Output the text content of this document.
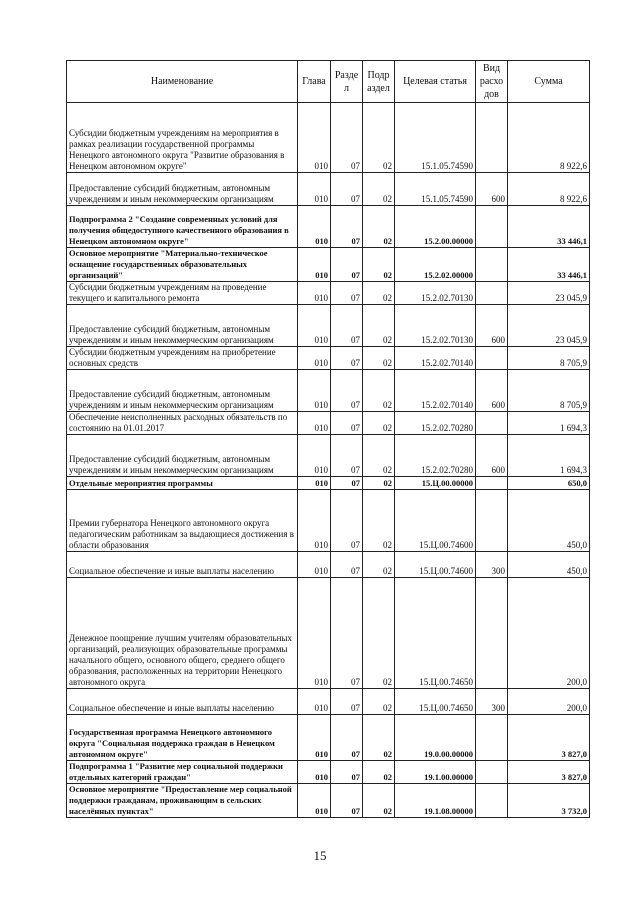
Наименование	Глава	Разде л	Подр аздел	Целевая статья	Вид расхо дов	Сумма
Субсидии бюджетным учреждениям на мероприятия в рамках реализации государственной программы Ненецкого автономного округа "Развитие образования в Ненецком автономном округе"	010	07	02	15.1.05.74590		8 922,6
Предоставление субсидий бюджетным, автономным учреждениям и иным некоммерческим организациям	010	07	02	15.1.05.74590	600	8 922,6
Подпрограмма 2 "Создание современных условий для получения общедоступного качественного образования в Ненецком автономном округе"	010	07	02	15.2.00.00000		33 446,1
Основное мероприятие "Материально-техническое оснащение государственных образовательных организаций"	010	07	02	15.2.02.00000		33 446,1
Субсидии бюджетным учреждениям на проведение текущего и капитального ремонта	010	07	02	15.2.02.70130		23 045,9
Предоставление субсидий бюджетным, автономным учреждениям и иным некоммерческим организациям	010	07	02	15.2.02.70130	600	23 045,9
Субсидии бюджетным учреждениям на приобретение основных средств	010	07	02	15.2.02.70140		8 705,9
Предоставление субсидий бюджетным, автономным учреждениям и иным некоммерческим организациям	010	07	02	15.2.02.70140	600	8 705,9
Обеспечение неисполненных расходных обязательств по состоянию на 01.01.2017	010	07	02	15.2.02.70280		1 694,3
Предоставление субсидий бюджетным, автономным учреждениям и иным некоммерческим организациям	010	07	02	15.2.02.70280	600	1 694,3
Отдельные мероприятия программы	010	07	02	15.Ц.00.00000		650,0
Премии губернатора Ненецкого автономного округа педагогическим работникам за выдающиеся достижения в области образования	010	07	02	15.Ц.00.74600		450,0
Социальное обеспечение и иные выплаты населению	010	07	02	15.Ц.00.74600	300	450,0
Денежное поощрение лучшим учителям образовательных организаций, реализующих образовательные программы начального общего, основного общего, среднего общего образования, расположенных на территории Ненецкого автономного округа	010	07	02	15.Ц.00.74650		200,0
Социальное обеспечение и иные выплаты населению	010	07	02	15.Ц.00.74650	300	200,0
Государственная программа Ненецкого автономного округа "Социальная поддержка граждан в Ненецком автономном округе"	010	07	02	19.0.00.00000		3 827,0
Подпрограмма 1 "Развитие мер социальной поддержки отдельных категорий граждан"	010	07	02	19.1.00.00000		3 827,0
Основное мероприятие "Предоставление мер социальной поддержки гражданам, проживающим в сельских населённых пунктах"	010	07	02	19.1.08.00000		3 732,0
15
